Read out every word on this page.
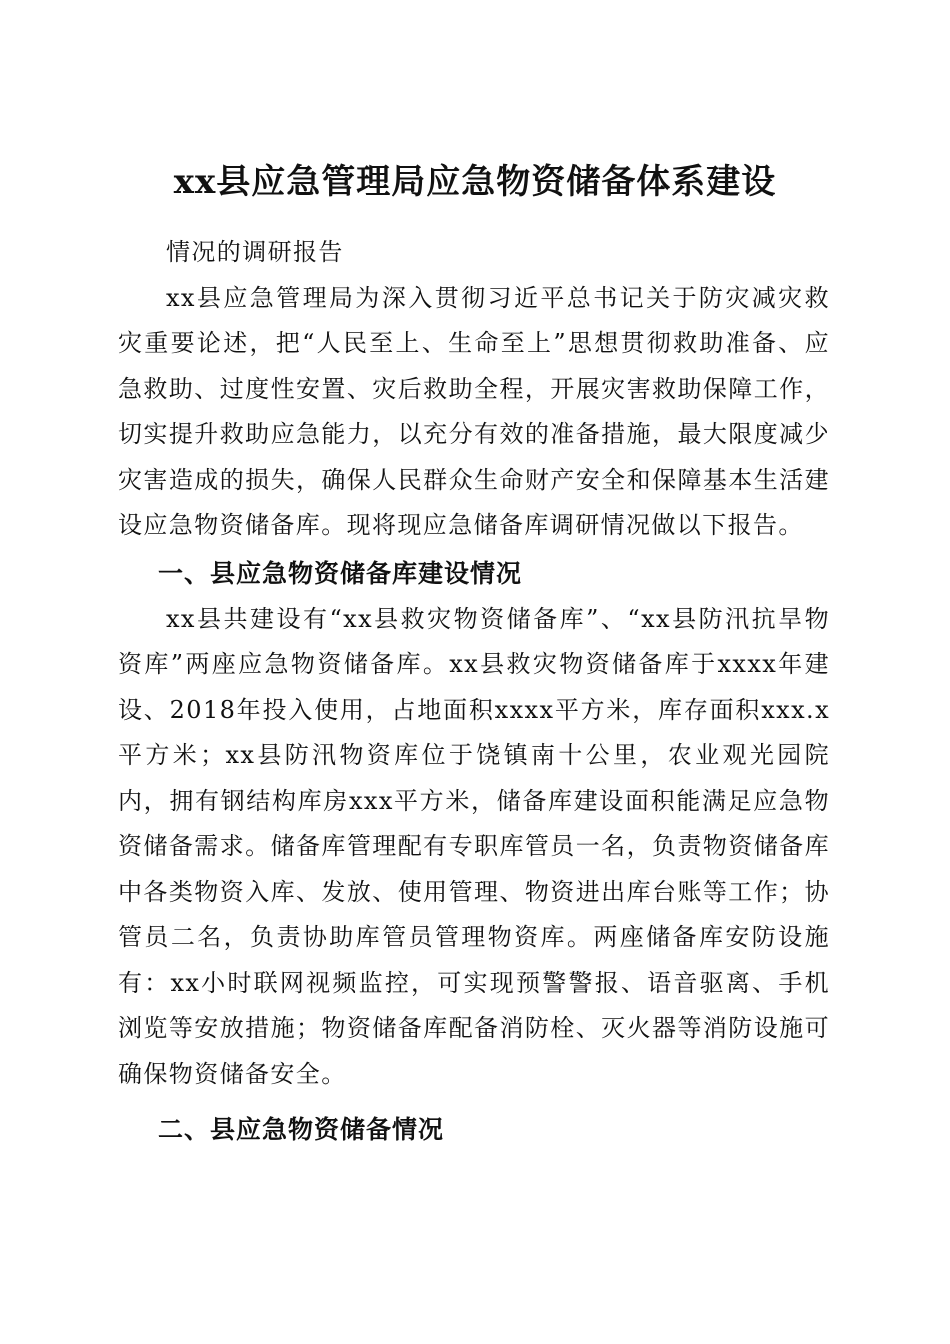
xx县应急管理局应急物资储备体系建设

情况的调研报告

xx县应急管理局为深入贯彻习近平总书记关于防灾减灾救灾重要论述，把“人民至上、生命至上”思想贯彻救助准备、应急救助、过度性安置、灾后救助全程，开展灾害救助保障工作，切实提升救助应急能力，以充分有效的准备措施，最大限度减少灾害造成的损失，确保人民群众生命财产安全和保障基本生活建设应急物资储备库。现将现应急储备库调研情况做以下报告。

一、县应急物资储备库建设情况

xx县共建设有“xx县救灾物资储备库”、“xx县防汛抗旱物资库”两座应急物资储备库。xx县救灾物资储备库于xxxx年建设、2018年投入使用，占地面积xxxx平方米，库存面积xxx.x平方米；xx县防汛物资库位于饶镇南十公里，农业观光园院内，拥有钢结构库房xxx平方米，储备库建设面积能满足应急物资储备需求。储备库管理配有专职库管员一名，负责物资储备库中各类物资入库、发放、使用管理、物资进出库台账等工作；协管员二名，负责协助库管员管理物资库。两座储备库安防设施有：xx小时联网视频监控，可实现预警警报、语音驱离、手机浏览等安放措施；物资储备库配备消防栓、灭火器等消防设施可确保物资储备安全。

二、县应急物资储备情况
